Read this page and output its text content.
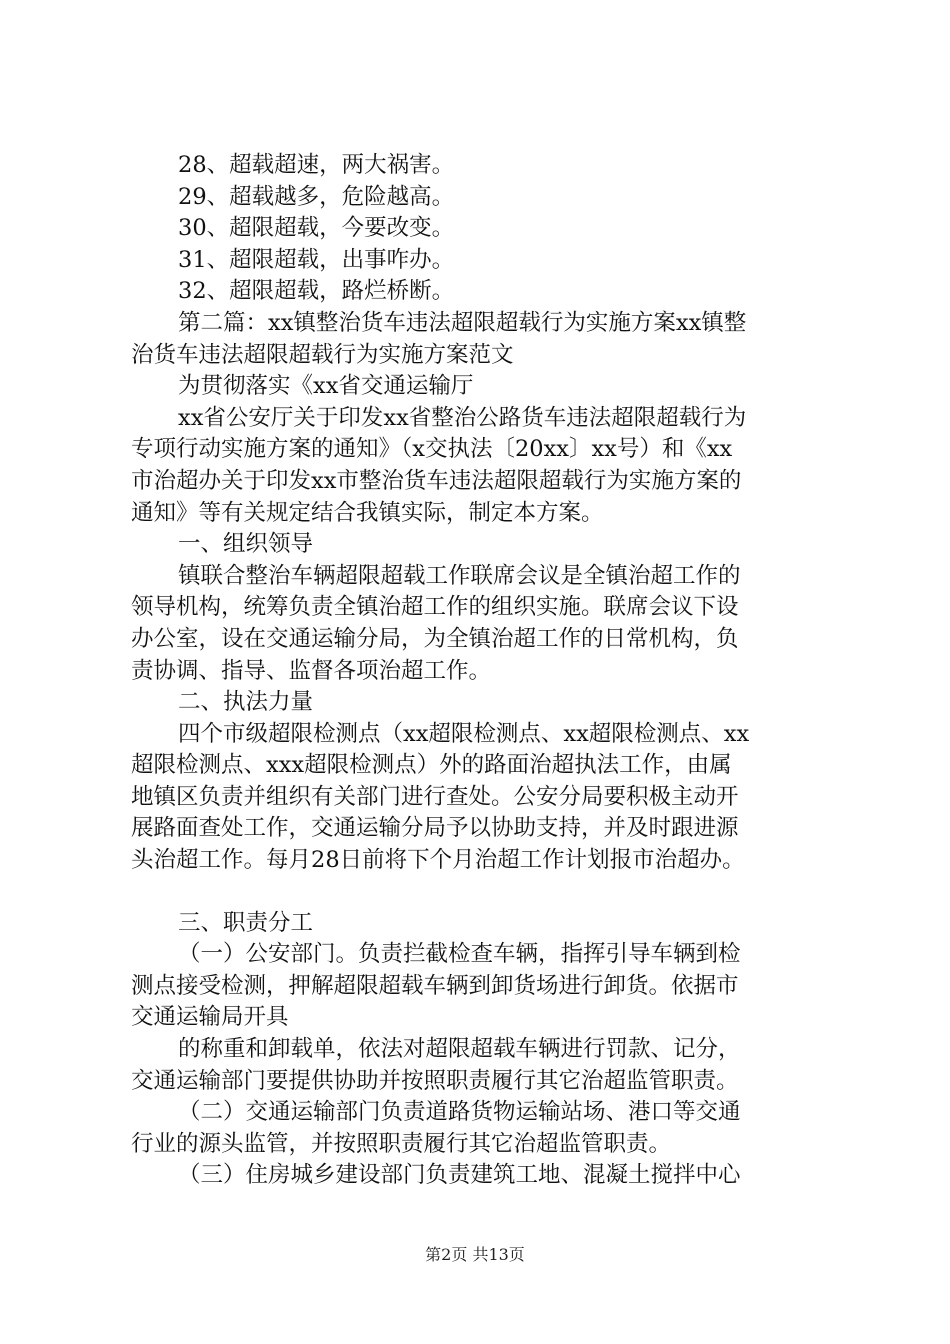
28、超载超速，两大祸害。
29、超载越多，危险越高。
30、超限超载，今要改变。
31、超限超载，出事咋办。
32、超限超载，路烂桥断。
第二篇：xx镇整治货车违法超限超载行为实施方案xx镇整
治货车违法超限超载行为实施方案范文
为贯彻落实《xx省交通运输厅
xx省公安厅关于印发xx省整治公路货车违法超限超载行为
专项行动实施方案的通知》（x交执法〔20xx〕xx号）和《xx
市治超办关于印发xx市整治货车违法超限超载行为实施方案的
通知》等有关规定结合我镇实际，制定本方案。
一、组织领导
镇联合整治车辆超限超载工作联席会议是全镇治超工作的
领导机构，统筹负责全镇治超工作的组织实施。联席会议下设
办公室，设在交通运输分局，为全镇治超工作的日常机构，负
责协调、指导、监督各项治超工作。
二、执法力量
四个市级超限检测点（xx超限检测点、xx超限检测点、xx
超限检测点、xxx超限检测点）外的路面治超执法工作，由属
地镇区负责并组织有关部门进行查处。公安分局要积极主动开
展路面查处工作，交通运输分局予以协助支持，并及时跟进源
头治超工作。每月28日前将下个月治超工作计划报市治超办。
三、职责分工
（一）公安部门。负责拦截检查车辆，指挥引导车辆到检
测点接受检测，押解超限超载车辆到卸货场进行卸货。依据市
交通运输局开具
的称重和卸载单，依法对超限超载车辆进行罚款、记分，
交通运输部门要提供协助并按照职责履行其它治超监管职责。
（二）交通运输部门负责道路货物运输站场、港口等交通
行业的源头监管，并按照职责履行其它治超监管职责。
（三）住房城乡建设部门负责建筑工地、混凝土搅拌中心
第2页 共13页
